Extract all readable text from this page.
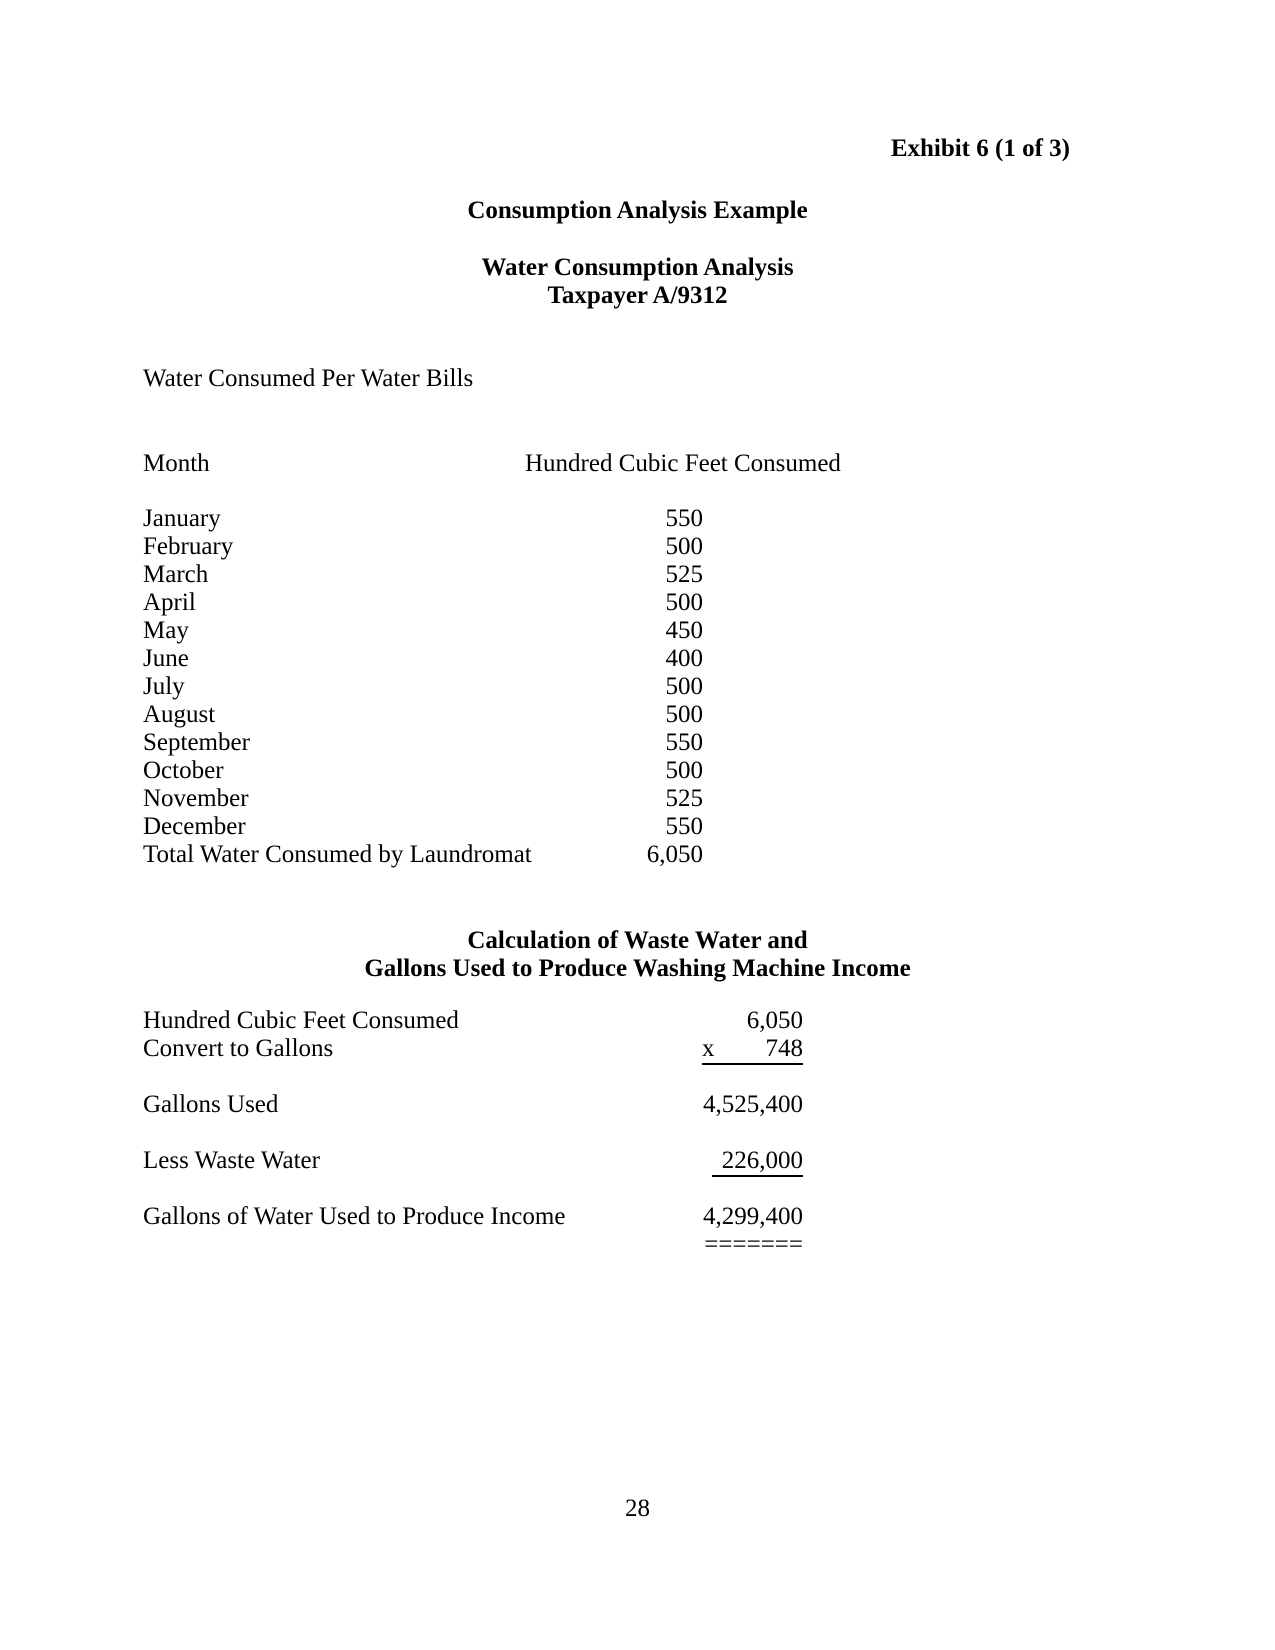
Exhibit 6 (1 of 3)
Consumption Analysis Example
Water Consumption Analysis
Taxpayer A/9312
Water Consumed Per Water Bills
Month	Hundred Cubic Feet Consumed
January	550
February	500
March	525
April	500
May	450
June	400
July	500
August	500
September	550
October	500
November	525
December	550
Total Water Consumed by Laundromat	6,050
Calculation of Waste Water and
Gallons Used to Produce Washing Machine Income
Hundred Cubic Feet Consumed	6,050
Convert to Gallons	x 748
Gallons Used	4,525,400
Less Waste Water	226,000
Gallons of Water Used to Produce Income	4,299,400
=======
28
